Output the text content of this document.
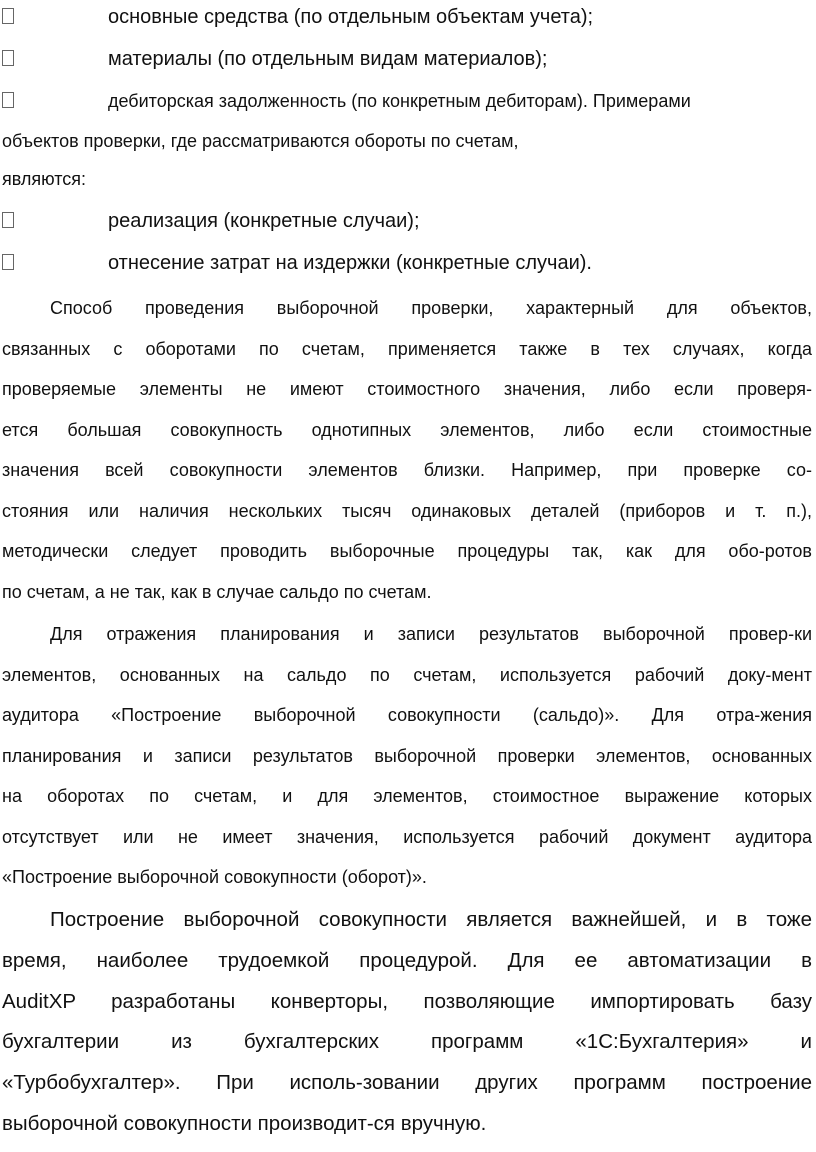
основные средства (по отдельным объектам учета);
материалы (по отдельным видам материалов);
дебиторская задолженность (по конкретным дебиторам). Примерами

объектов проверки, где рассматриваются обороты по счетам,

являются:

реализация (конкретные случаи);
отнесение затрат на издержки (конкретные случаи).
Способ проведения выборочной проверки, характерный для объектов,
связанных с оборотами по счетам, применяется также в тех случаях, когда
проверяемые элементы не имеют стоимостного значения, либо если проверя-
ется большая совокупность однотипных элементов, либо если стоимостные
значения всей совокупности элементов близки. Например, при проверке со-
стояния или наличия нескольких тысяч одинаковых деталей (приборов и т. п.),
методически следует проводить выборочные процедуры так, как для обо-ротов
по счетам, а не так, как в случае сальдо по счетам.
Для отражения планирования и записи результатов выборочной провер-ки
элементов, основанных на сальдо по счетам, используется рабочий доку-мент
аудитора «Построение выборочной совокупности (сальдо)». Для отра-жения
планирования и записи результатов выборочной проверки элементов, основанных
на оборотах по счетам, и для элементов, стоимостное выражение которых
отсутствует или не имеет значения, используется рабочий документ аудитора
«Построение выборочной совокупности (оборот)».
Построение выборочной совокупности является важнейшей, и в тоже
время, наиболее трудоемкой процедурой. Для ее автоматизации в
AuditXP разработаны конверторы, позволяющие импортировать базу
бухгалтерии из бухгалтерских программ «1С:Бухгалтерия» и
«Турбобухгалтер». При исполь-зовании других программ построение
выборочной совокупности производит-ся вручную.
